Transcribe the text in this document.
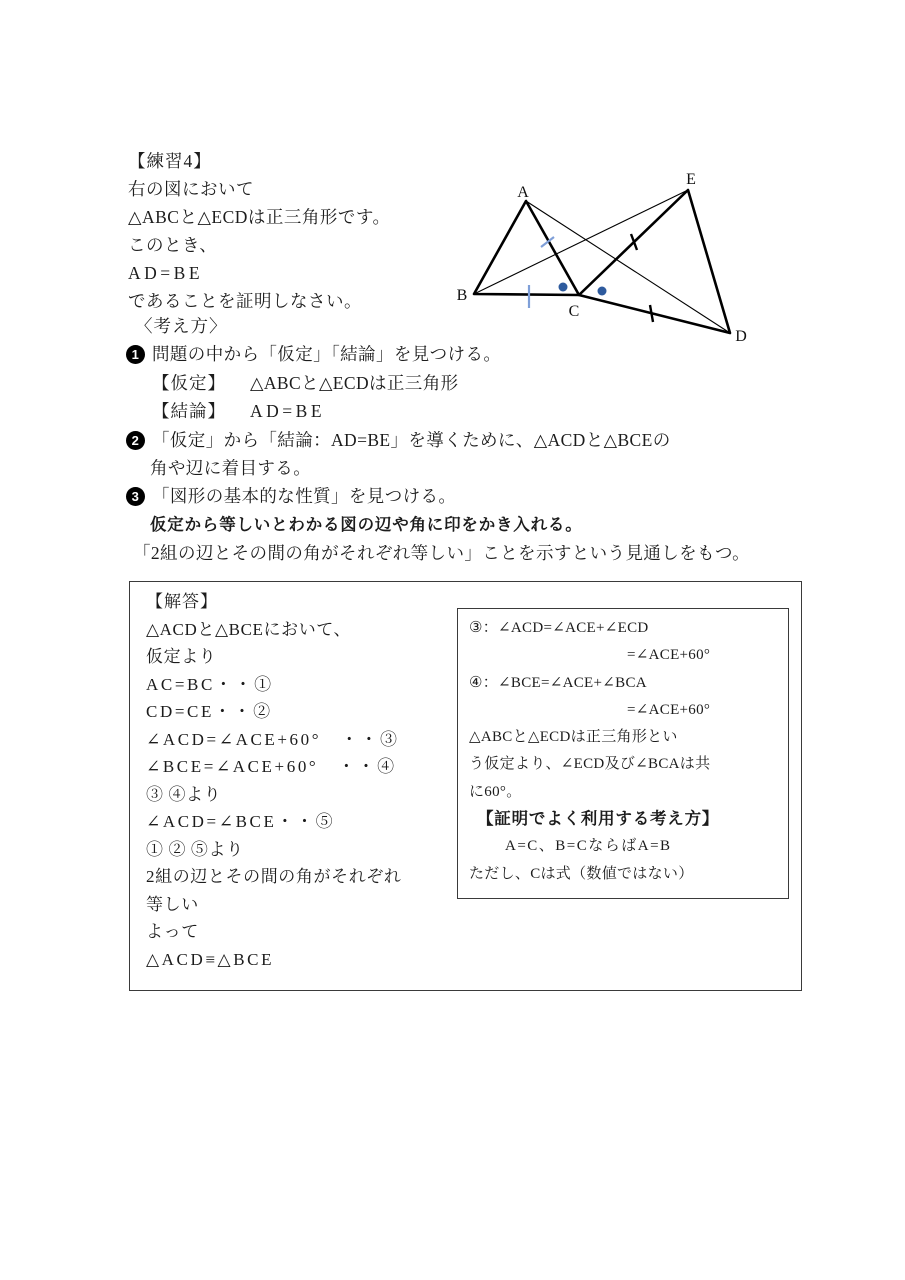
【練習4】
右の図において
△ABCと△ECDは正三角形です。
このとき、
AD=BE
であることを証明しなさい。
A
B
C
D
E
〈考え方〉
1 問題の中から「仮定」「結論」を見つける。
【仮定】 △ABCと△ECDは正三角形
【結論】 AD=BE
2 「仮定」から「結論：AD=BE」を導くために、△ACDと△BCEの
角や辺に着目する。
3 「図形の基本的な性質」を見つける。
仮定から等しいとわかる図の辺や角に印をかき入れる。
「2組の辺とその間の角がそれぞれ等しい」ことを示すという見通しをもつ。
【解答】
△ACDと△BCEにおいて、
仮定より
AC=BC・・①
CD=CE・・②
∠ACD=∠ACE+60°　・・③
∠BCE=∠ACE+60°　・・④
③ ④より
∠ACD=∠BCE・・⑤
① ② ⑤より
2組の辺とその間の角がそれぞれ
等しい
よって
△ACD≡△BCE
③：∠ACD=∠ACE+∠ECD
=∠ACE+60°
④：∠BCE=∠ACE+∠BCA
=∠ACE+60°
△ABCと△ECDは正三角形とい
う仮定より、∠ECD及び∠BCAは共
に60°。
【証明でよく利用する考え方】
A=C、B=CならばA=B
ただし、Cは式（数値ではない）
